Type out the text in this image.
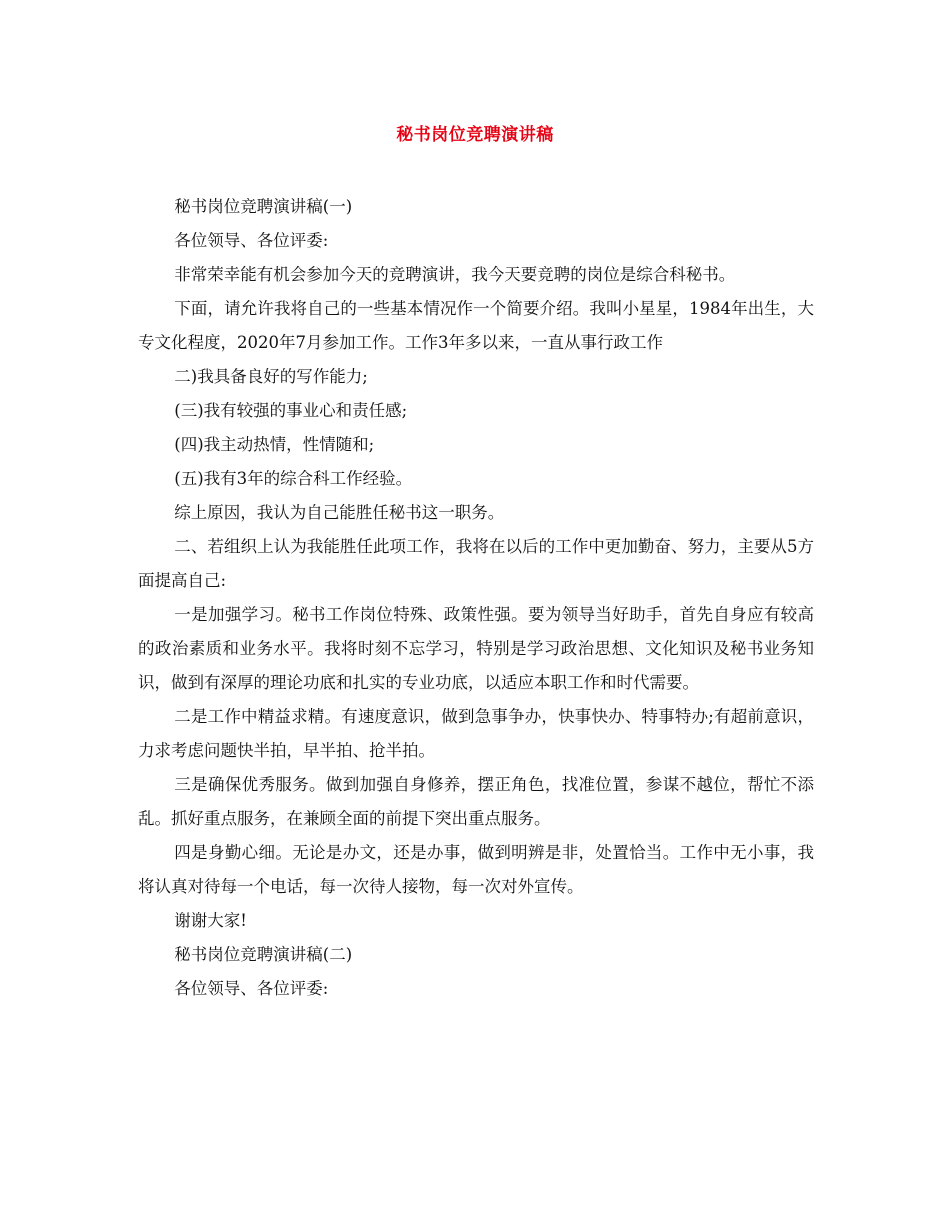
秘书岗位竞聘演讲稿

秘书岗位竞聘演讲稿(一)

各位领导、各位评委:

非常荣幸能有机会参加今天的竞聘演讲，我今天要竞聘的岗位是综合科秘书。

下面，请允许我将自己的一些基本情况作一个简要介绍。我叫小星星，1984年出生，大专文化程度，2020年7月参加工作。工作3年多以来，一直从事行政工作

二)我具备良好的写作能力;

(三)我有较强的事业心和责任感;

(四)我主动热情，性情随和;

(五)我有3年的综合科工作经验。

综上原因，我认为自己能胜任秘书这一职务。

二、若组织上认为我能胜任此项工作，我将在以后的工作中更加勤奋、努力，主要从5方面提高自己:

一是加强学习。秘书工作岗位特殊、政策性强。要为领导当好助手，首先自身应有较高的政治素质和业务水平。我将时刻不忘学习，特别是学习政治思想、文化知识及秘书业务知识，做到有深厚的理论功底和扎实的专业功底，以适应本职工作和时代需要。

二是工作中精益求精。有速度意识，做到急事争办，快事快办、特事特办;有超前意识，力求考虑问题快半拍，早半拍、抢半拍。

三是确保优秀服务。做到加强自身修养，摆正角色，找准位置，参谋不越位，帮忙不添乱。抓好重点服务，在兼顾全面的前提下突出重点服务。

四是身勤心细。无论是办文，还是办事，做到明辨是非，处置恰当。工作中无小事，我将认真对待每一个电话，每一次待人接物，每一次对外宣传。

谢谢大家!

秘书岗位竞聘演讲稿(二)

各位领导、各位评委:
